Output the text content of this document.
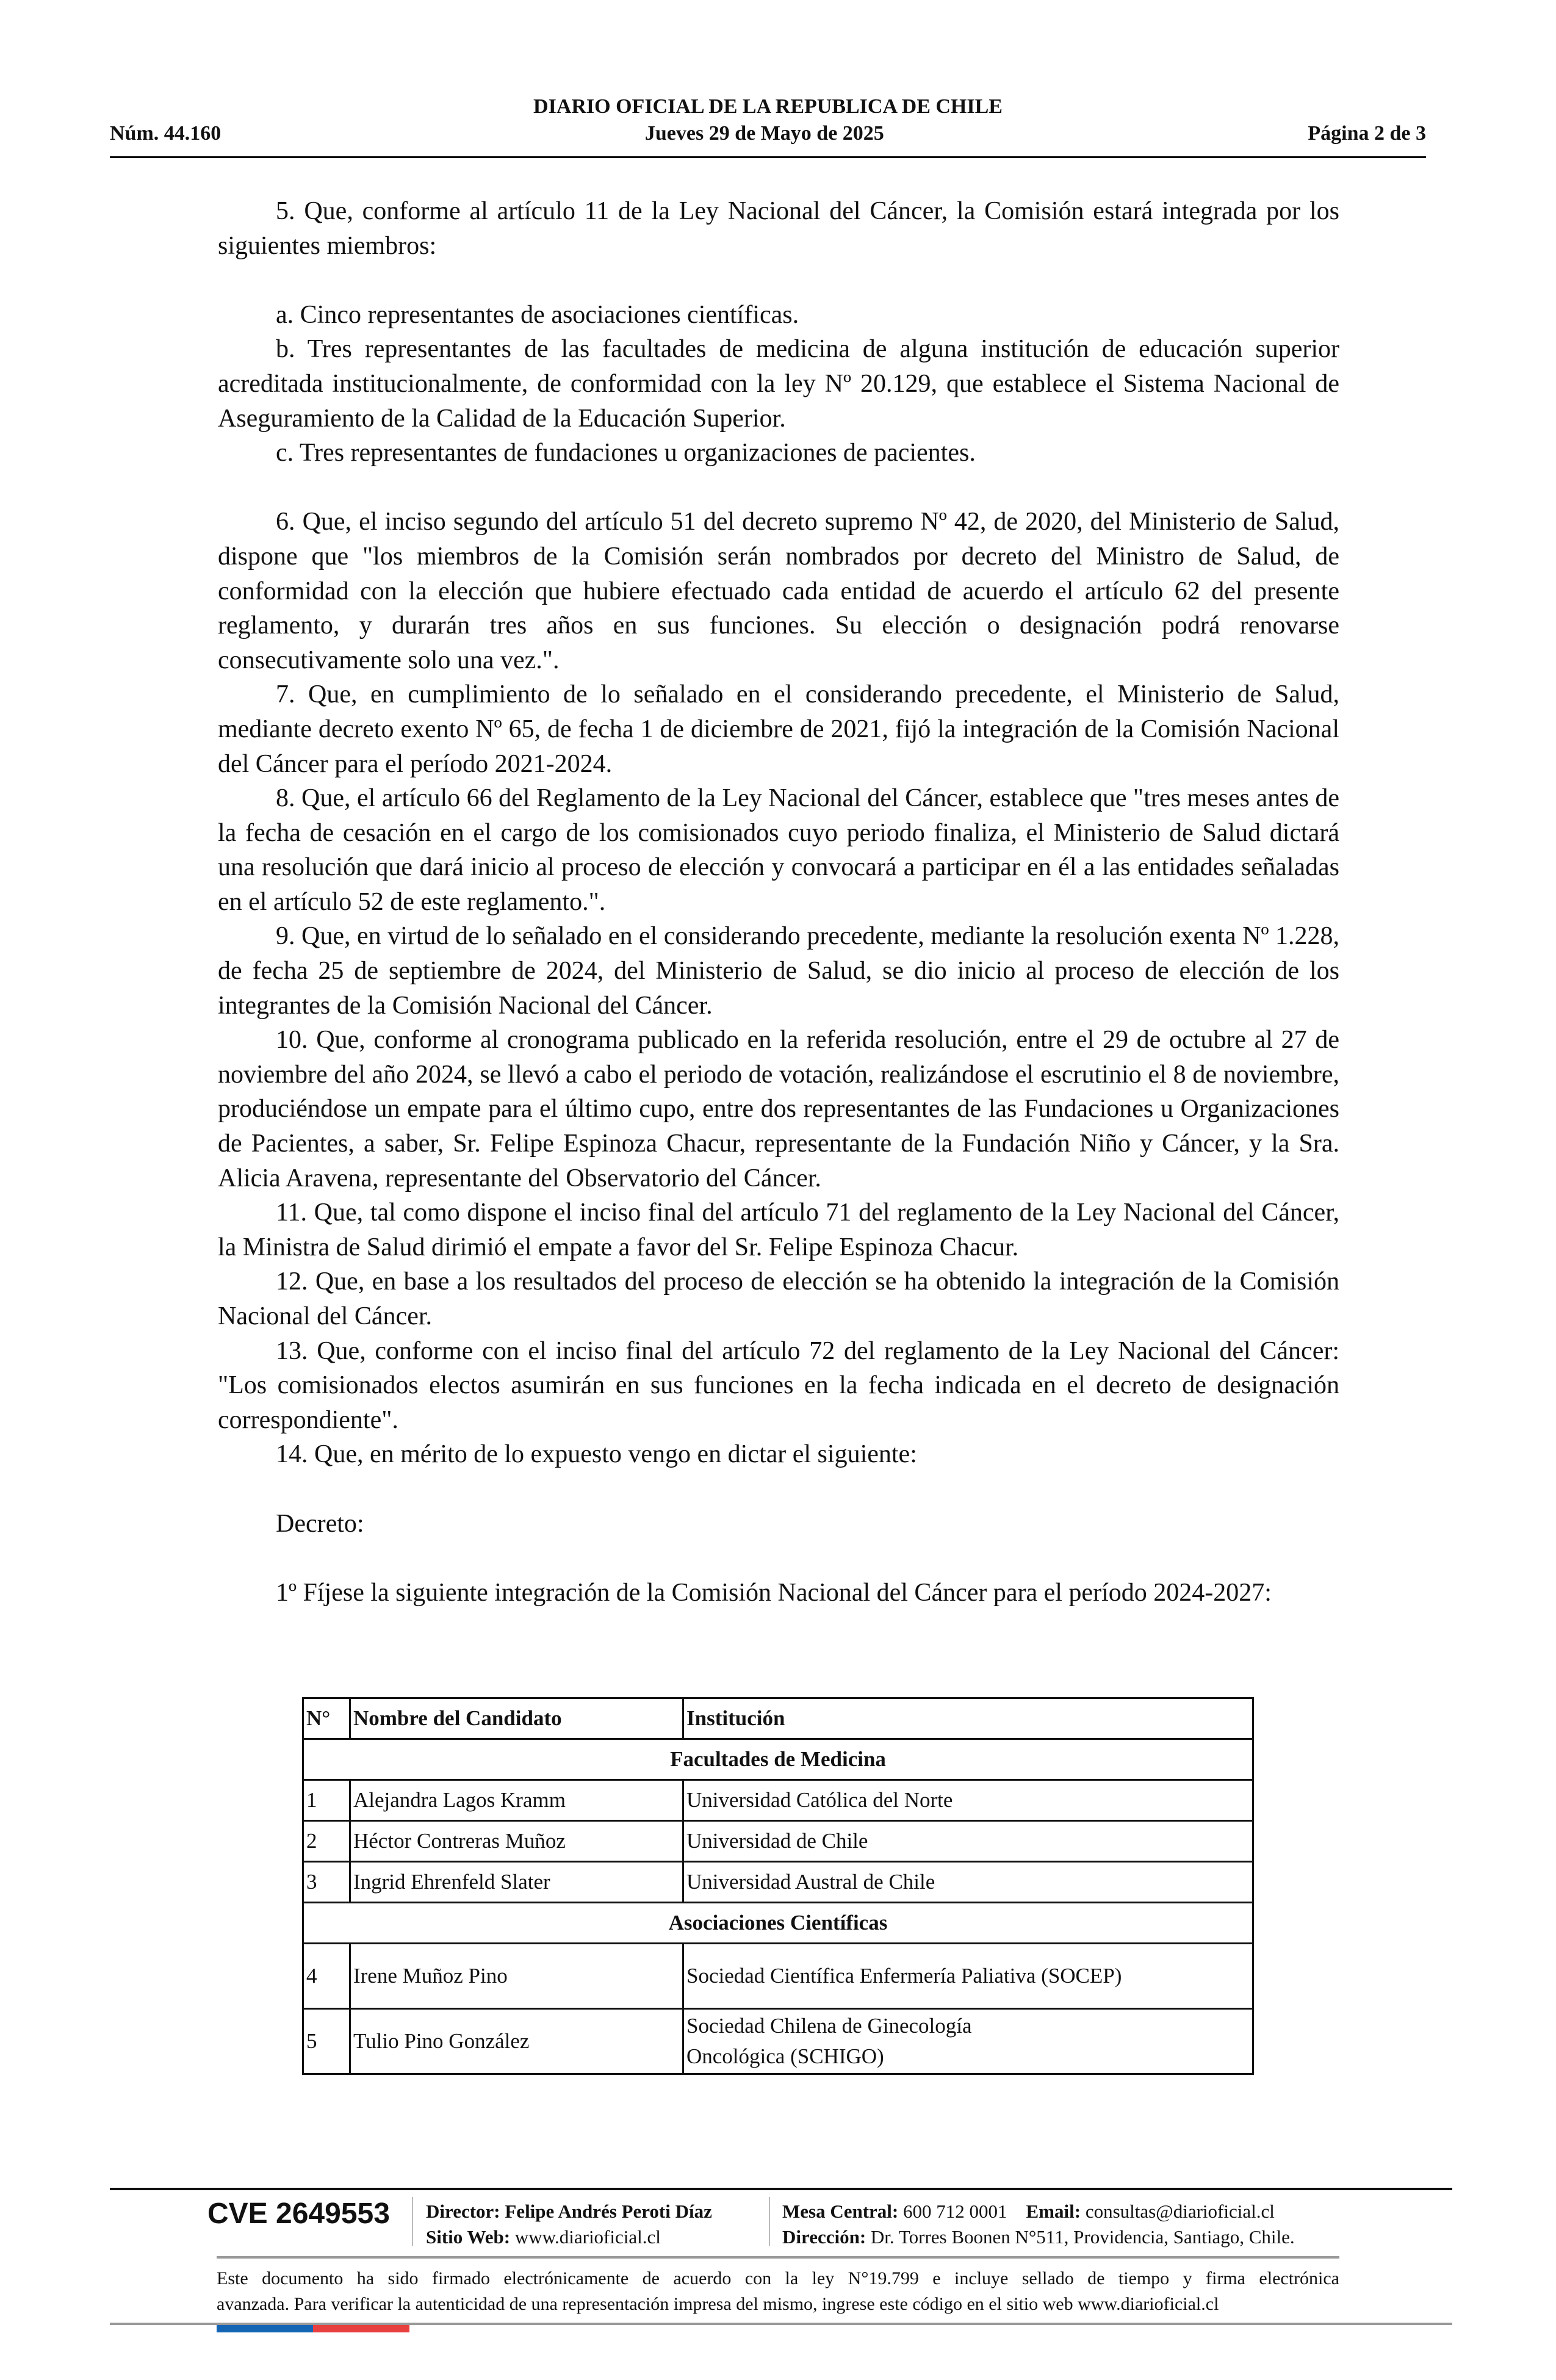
DIARIO OFICIAL DE LA REPUBLICA DE CHILE
Núm. 44.160	Jueves 29 de Mayo de 2025	Página 2 de 3

5. Que, conforme al artículo 11 de la Ley Nacional del Cáncer, la Comisión estará integrada por los siguientes miembros:

a. Cinco representantes de asociaciones científicas.

b. Tres representantes de las facultades de medicina de alguna institución de educación superior acreditada institucionalmente, de conformidad con la ley Nº 20.129, que establece el Sistema Nacional de Aseguramiento de la Calidad de la Educación Superior.

c. Tres representantes de fundaciones u organizaciones de pacientes.

6. Que, el inciso segundo del artículo 51 del decreto supremo Nº 42, de 2020, del Ministerio de Salud, dispone que "los miembros de la Comisión serán nombrados por decreto del Ministro de Salud, de conformidad con la elección que hubiere efectuado cada entidad de acuerdo el artículo 62 del presente reglamento, y durarán tres años en sus funciones. Su elección o designación podrá renovarse consecutivamente solo una vez.".

7. Que, en cumplimiento de lo señalado en el considerando precedente, el Ministerio de Salud, mediante decreto exento Nº 65, de fecha 1 de diciembre de 2021, fijó la integración de la Comisión Nacional del Cáncer para el período 2021-2024.

8. Que, el artículo 66 del Reglamento de la Ley Nacional del Cáncer, establece que "tres meses antes de la fecha de cesación en el cargo de los comisionados cuyo periodo finaliza, el Ministerio de Salud dictará una resolución que dará inicio al proceso de elección y convocará a participar en él a las entidades señaladas en el artículo 52 de este reglamento.".

9. Que, en virtud de lo señalado en el considerando precedente, mediante la resolución exenta Nº 1.228, de fecha 25 de septiembre de 2024, del Ministerio de Salud, se dio inicio al proceso de elección de los integrantes de la Comisión Nacional del Cáncer.

10. Que, conforme al cronograma publicado en la referida resolución, entre el 29 de octubre al 27 de noviembre del año 2024, se llevó a cabo el periodo de votación, realizándose el escrutinio el 8 de noviembre, produciéndose un empate para el último cupo, entre dos representantes de las Fundaciones u Organizaciones de Pacientes, a saber, Sr. Felipe Espinoza Chacur, representante de la Fundación Niño y Cáncer, y la Sra. Alicia Aravena, representante del Observatorio del Cáncer.

11. Que, tal como dispone el inciso final del artículo 71 del reglamento de la Ley Nacional del Cáncer, la Ministra de Salud dirimió el empate a favor del Sr. Felipe Espinoza Chacur.

12. Que, en base a los resultados del proceso de elección se ha obtenido la integración de la Comisión Nacional del Cáncer.

13. Que, conforme con el inciso final del artículo 72 del reglamento de la Ley Nacional del Cáncer: "Los comisionados electos asumirán en sus funciones en la fecha indicada en el decreto de designación correspondiente".

14. Que, en mérito de lo expuesto vengo en dictar el siguiente:

Decreto:

1º Fíjese la siguiente integración de la Comisión Nacional del Cáncer para el período 2024-2027:

N°	Nombre del Candidato	Institución
Facultades de Medicina		
1	Alejandra Lagos Kramm	Universidad Católica del Norte
2	Héctor Contreras Muñoz	Universidad de Chile
3	Ingrid Ehrenfeld Slater	Universidad Austral de Chile
Asociaciones Científicas		
4	Irene Muñoz Pino	Sociedad Científica Enfermería Paliativa (SOCEP)
5	Tulio Pino González	Sociedad Chilena de Ginecología
Oncológica (SCHIGO)
CVE 2649553 Director: Felipe Andrés Peroti Díaz
Sitio Web: www.diarioficial.cl
Mesa Central: 600 712 0001 Email: consultas@diarioficial.cl
Dirección: Dr. Torres Boonen N°511, Providencia, Santiago, Chile.
Este documento ha sido firmado electrónicamente de acuerdo con la ley N°19.799 e incluye sellado de tiempo y firma electrónica
avanzada. Para verificar la autenticidad de una representación impresa del mismo, ingrese este código en el sitio web www.diarioficial.cl
